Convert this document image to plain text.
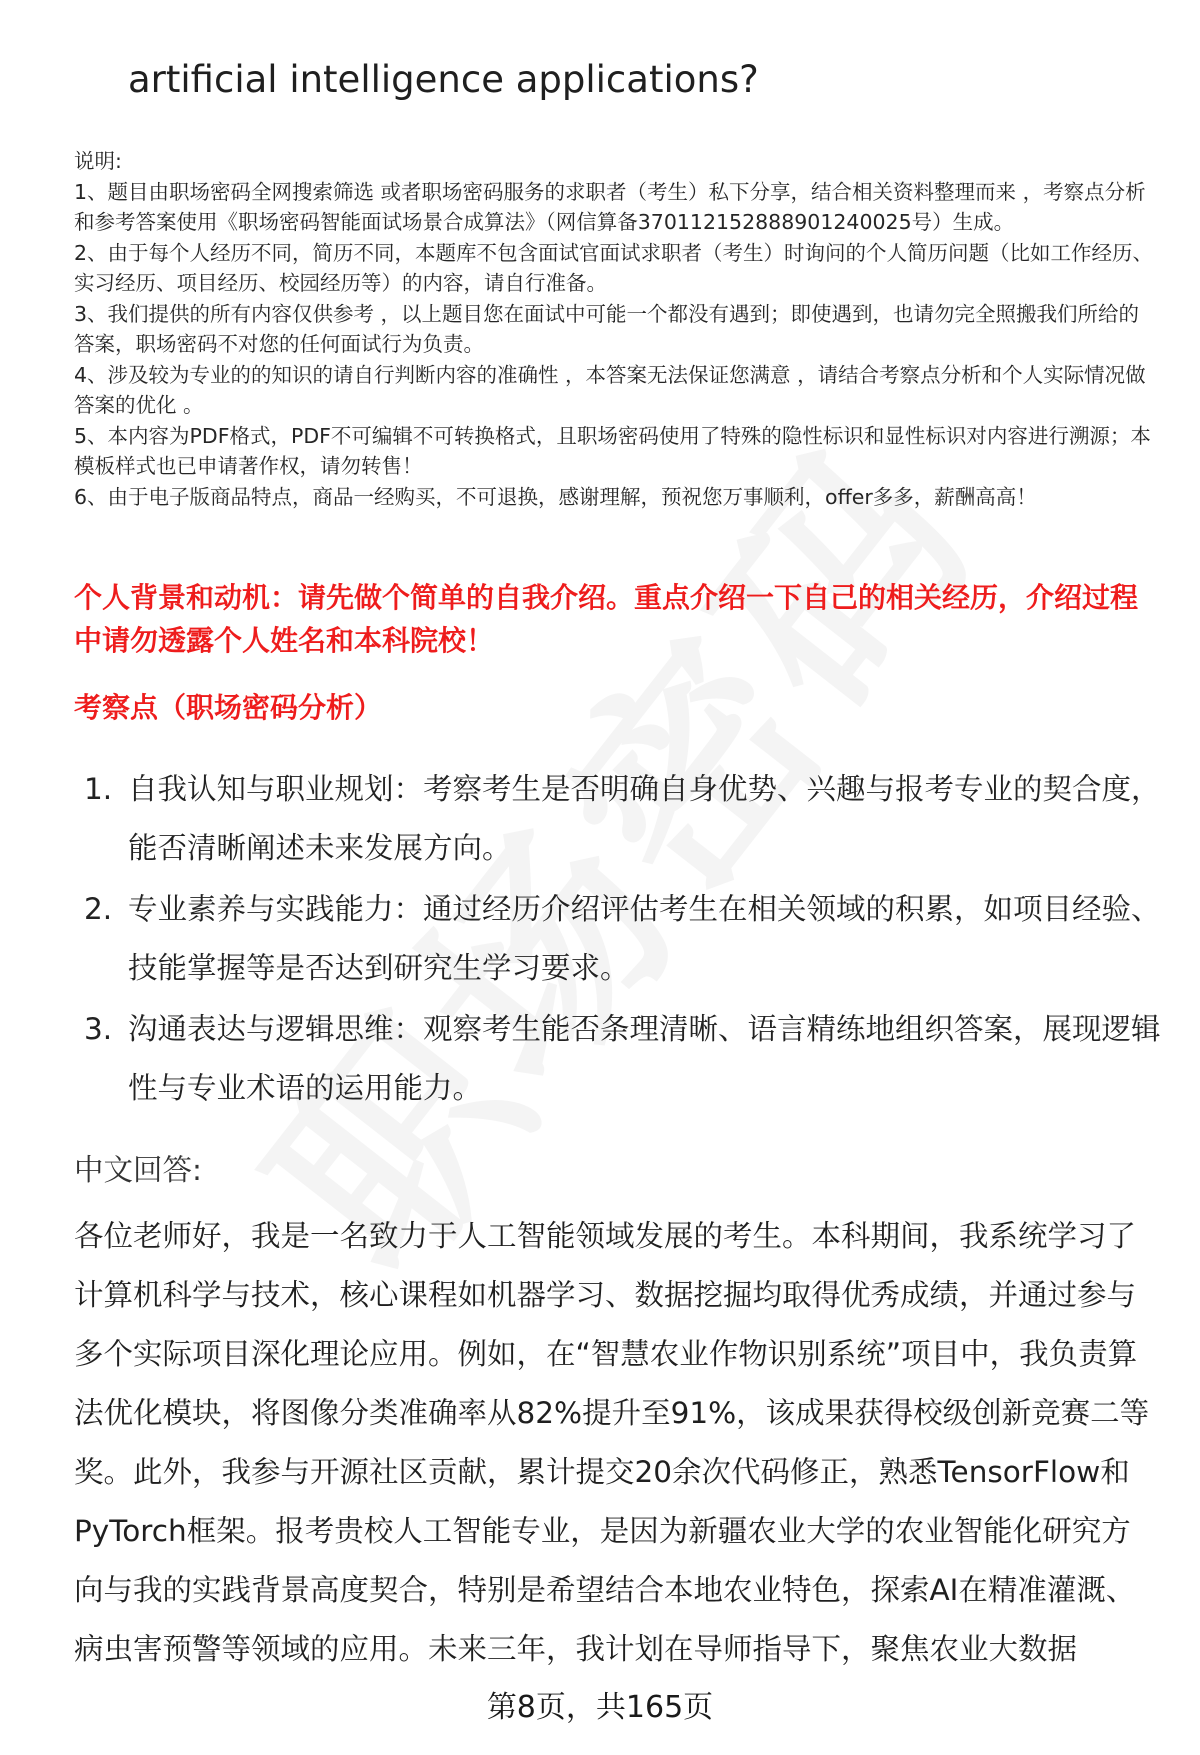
artificial intelligence applications?

说明:

1、题目由职场密码全网搜索筛选 或者职场密码服务的求职者（考生）私下分享，结合相关资料整理而来 ，考察点分析和参考答案使用《职场密码智能面试场景合成算法》（网信算备370112152888901240025号）生成。

2、由于每个人经历不同，简历不同，本题库不包含面试官面试求职者（考生）时询问的个人简历问题（比如工作经历、实习经历、项目经历、校园经历等）的内容，请自行准备。

3、我们提供的所有内容仅供参考 ，以上题目您在面试中可能一个都没有遇到；即使遇到，也请勿完全照搬我们所给的答案，职场密码不对您的任何面试行为负责。

4、涉及较为专业的的知识的请自行判断内容的准确性 ，本答案无法保证您满意 ，请结合考察点分析和个人实际情况做答案的优化 。

5、本内容为PDF格式，PDF不可编辑不可转换格式，且职场密码使用了特殊的隐性标识和显性标识对内容进行溯源；本模板样式也已申请著作权，请勿转售！

6、由于电子版商品特点，商品一经购买，不可退换，感谢理解，预祝您万事顺利，offer多多，薪酬高高！

个人背景和动机：请先做个简单的自我介绍。重点介绍一下自己的相关经历，介绍过程中请勿透露个人姓名和本科院校！

考察点（职场密码分析）

1. 自我认知与职业规划：考察考生是否明确自身优势、兴趣与报考专业的契合度，能否清晰阐述未来发展方向。
2. 专业素养与实践能力：通过经历介绍评估考生在相关领域的积累，如项目经验、技能掌握等是否达到研究生学习要求。
3. 沟通表达与逻辑思维：观察考生能否条理清晰、语言精练地组织答案，展现逻辑性与专业术语的运用能力。

中文回答:

各位老师好，我是一名致力于人工智能领域发展的考生。本科期间，我系统学习了计算机科学与技术，核心课程如机器学习、数据挖掘均取得优秀成绩，并通过参与多个实际项目深化理论应用。例如，在“智慧农业作物识别系统”项目中，我负责算法优化模块，将图像分类准确率从82%提升至91%，该成果获得校级创新竞赛二等奖。此外，我参与开源社区贡献，累计提交20余次代码修正，熟悉TensorFlow和PyTorch框架。报考贵校人工智能专业，是因为新疆农业大学的农业智能化研究方向与我的实践背景高度契合，特别是希望结合本地农业特色，探索AI在精准灌溉、病虫害预警等领域的应用。未来三年，我计划在导师指导下，聚焦农业大数据

第8页，共165页
